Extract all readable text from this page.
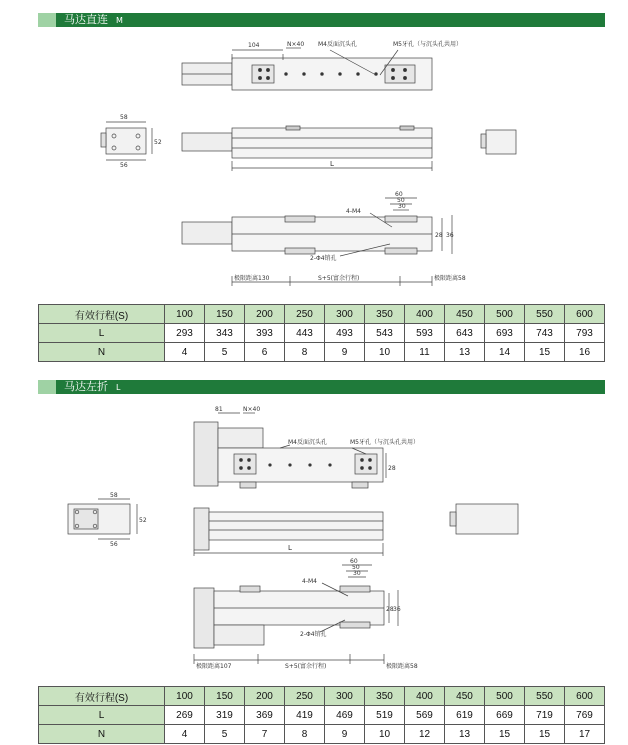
马达直连 M
104	N×40 M4反面沉头孔	M5牙孔（与沉头孔共用）
58
56
52
L
60
50
30
4-M4
2-Φ4销孔
28 36
极限距离130	S+5(富余行程)	极限距离58
有效行程(S)	100	150	200	250	300	350	400	450	500	550	600
L	293	343	393	443	493	543	593	643	693	743	793
N	4	5	6	8	9	10	11	13	14	15	16
马达左折 L
81	N×40
M4反面沉头孔	M5牙孔（与沉头孔共用）
28
58
56
52
L
60
50
30
4-M4
2-Φ4销孔
28 36
极限距离107	S+5(富余行程)	极限距离58
有效行程(S)	100	150	200	250	300	350	400	450	500	550	600
L	269	319	369	419	469	519	569	619	669	719	769
N	4	5	7	8	9	10	12	13	15	15	17
